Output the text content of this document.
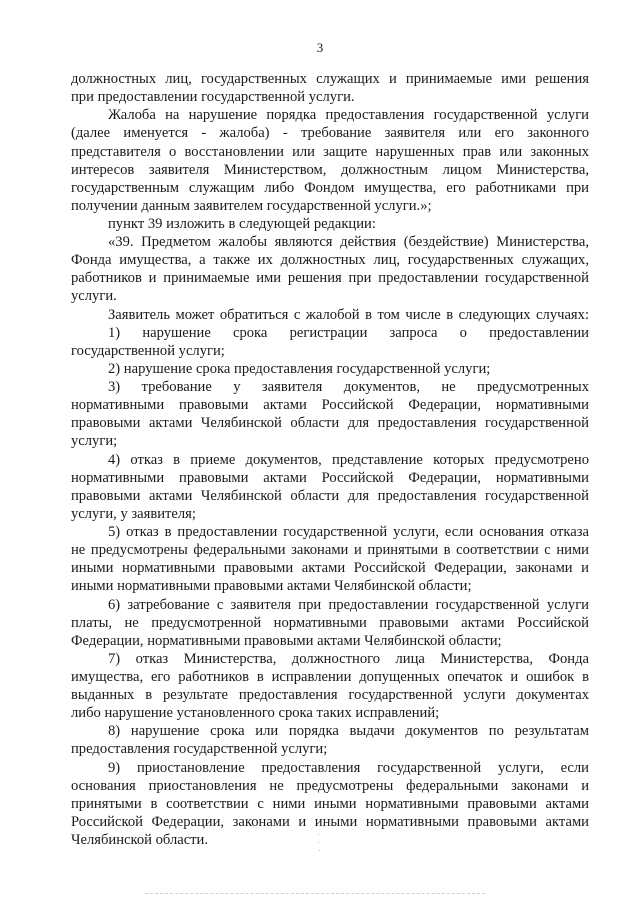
3
должностных лиц, государственных служащих и принимаемые ими решения
при предоставлении государственной услуги.
Жалоба на нарушение порядка предоставления государственной услуги
(далее именуется - жалоба) - требование заявителя или его законного
представителя о восстановлении или защите нарушенных прав или законных
интересов заявителя Министерством, должностным лицом Министерства,
государственным служащим либо Фондом имущества, его работниками при
получении данным заявителем государственной услуги.»;
пункт 39 изложить в следующей редакции:
«39. Предметом жалобы являются действия (бездействие) Министерства,
Фонда имущества, а также их должностных лиц, государственных служащих,
работников и принимаемые ими решения при предоставлении государственной
услуги.
Заявитель может обратиться с жалобой в том числе в следующих случаях:
1) нарушение срока регистрации запроса о предоставлении
государственной услуги;
2) нарушение срока предоставления государственной услуги;
3) требование у заявителя документов, не предусмотренных
нормативными правовыми актами Российской Федерации, нормативными
правовыми актами Челябинской области для предоставления государственной
услуги;
4) отказ в приеме документов, представление которых предусмотрено
нормативными правовыми актами Российской Федерации, нормативными
правовыми актами Челябинской области для предоставления государственной
услуги, у заявителя;
5) отказ в предоставлении государственной услуги, если основания отказа
не предусмотрены федеральными законами и принятыми в соответствии с ними
иными нормативными правовыми актами Российской Федерации, законами и
иными нормативными правовыми актами Челябинской области;
6) затребование с заявителя при предоставлении государственной услуги
платы, не предусмотренной нормативными правовыми актами Российской
Федерации, нормативными правовыми актами Челябинской области;
7) отказ Министерства, должностного лица Министерства, Фонда
имущества, его работников в исправлении допущенных опечаток и ошибок в
выданных в результате предоставления государственной услуги документах
либо нарушение установленного срока таких исправлений;
8) нарушение срока или порядка выдачи документов по результатам
предоставления государственной услуги;
9) приостановление предоставления государственной услуги, если
основания приостановления не предусмотрены федеральными законами и
принятыми в соответствии с ними иными нормативными правовыми актами
Российской Федерации, законами и иными нормативными правовыми актами
Челябинской области.
